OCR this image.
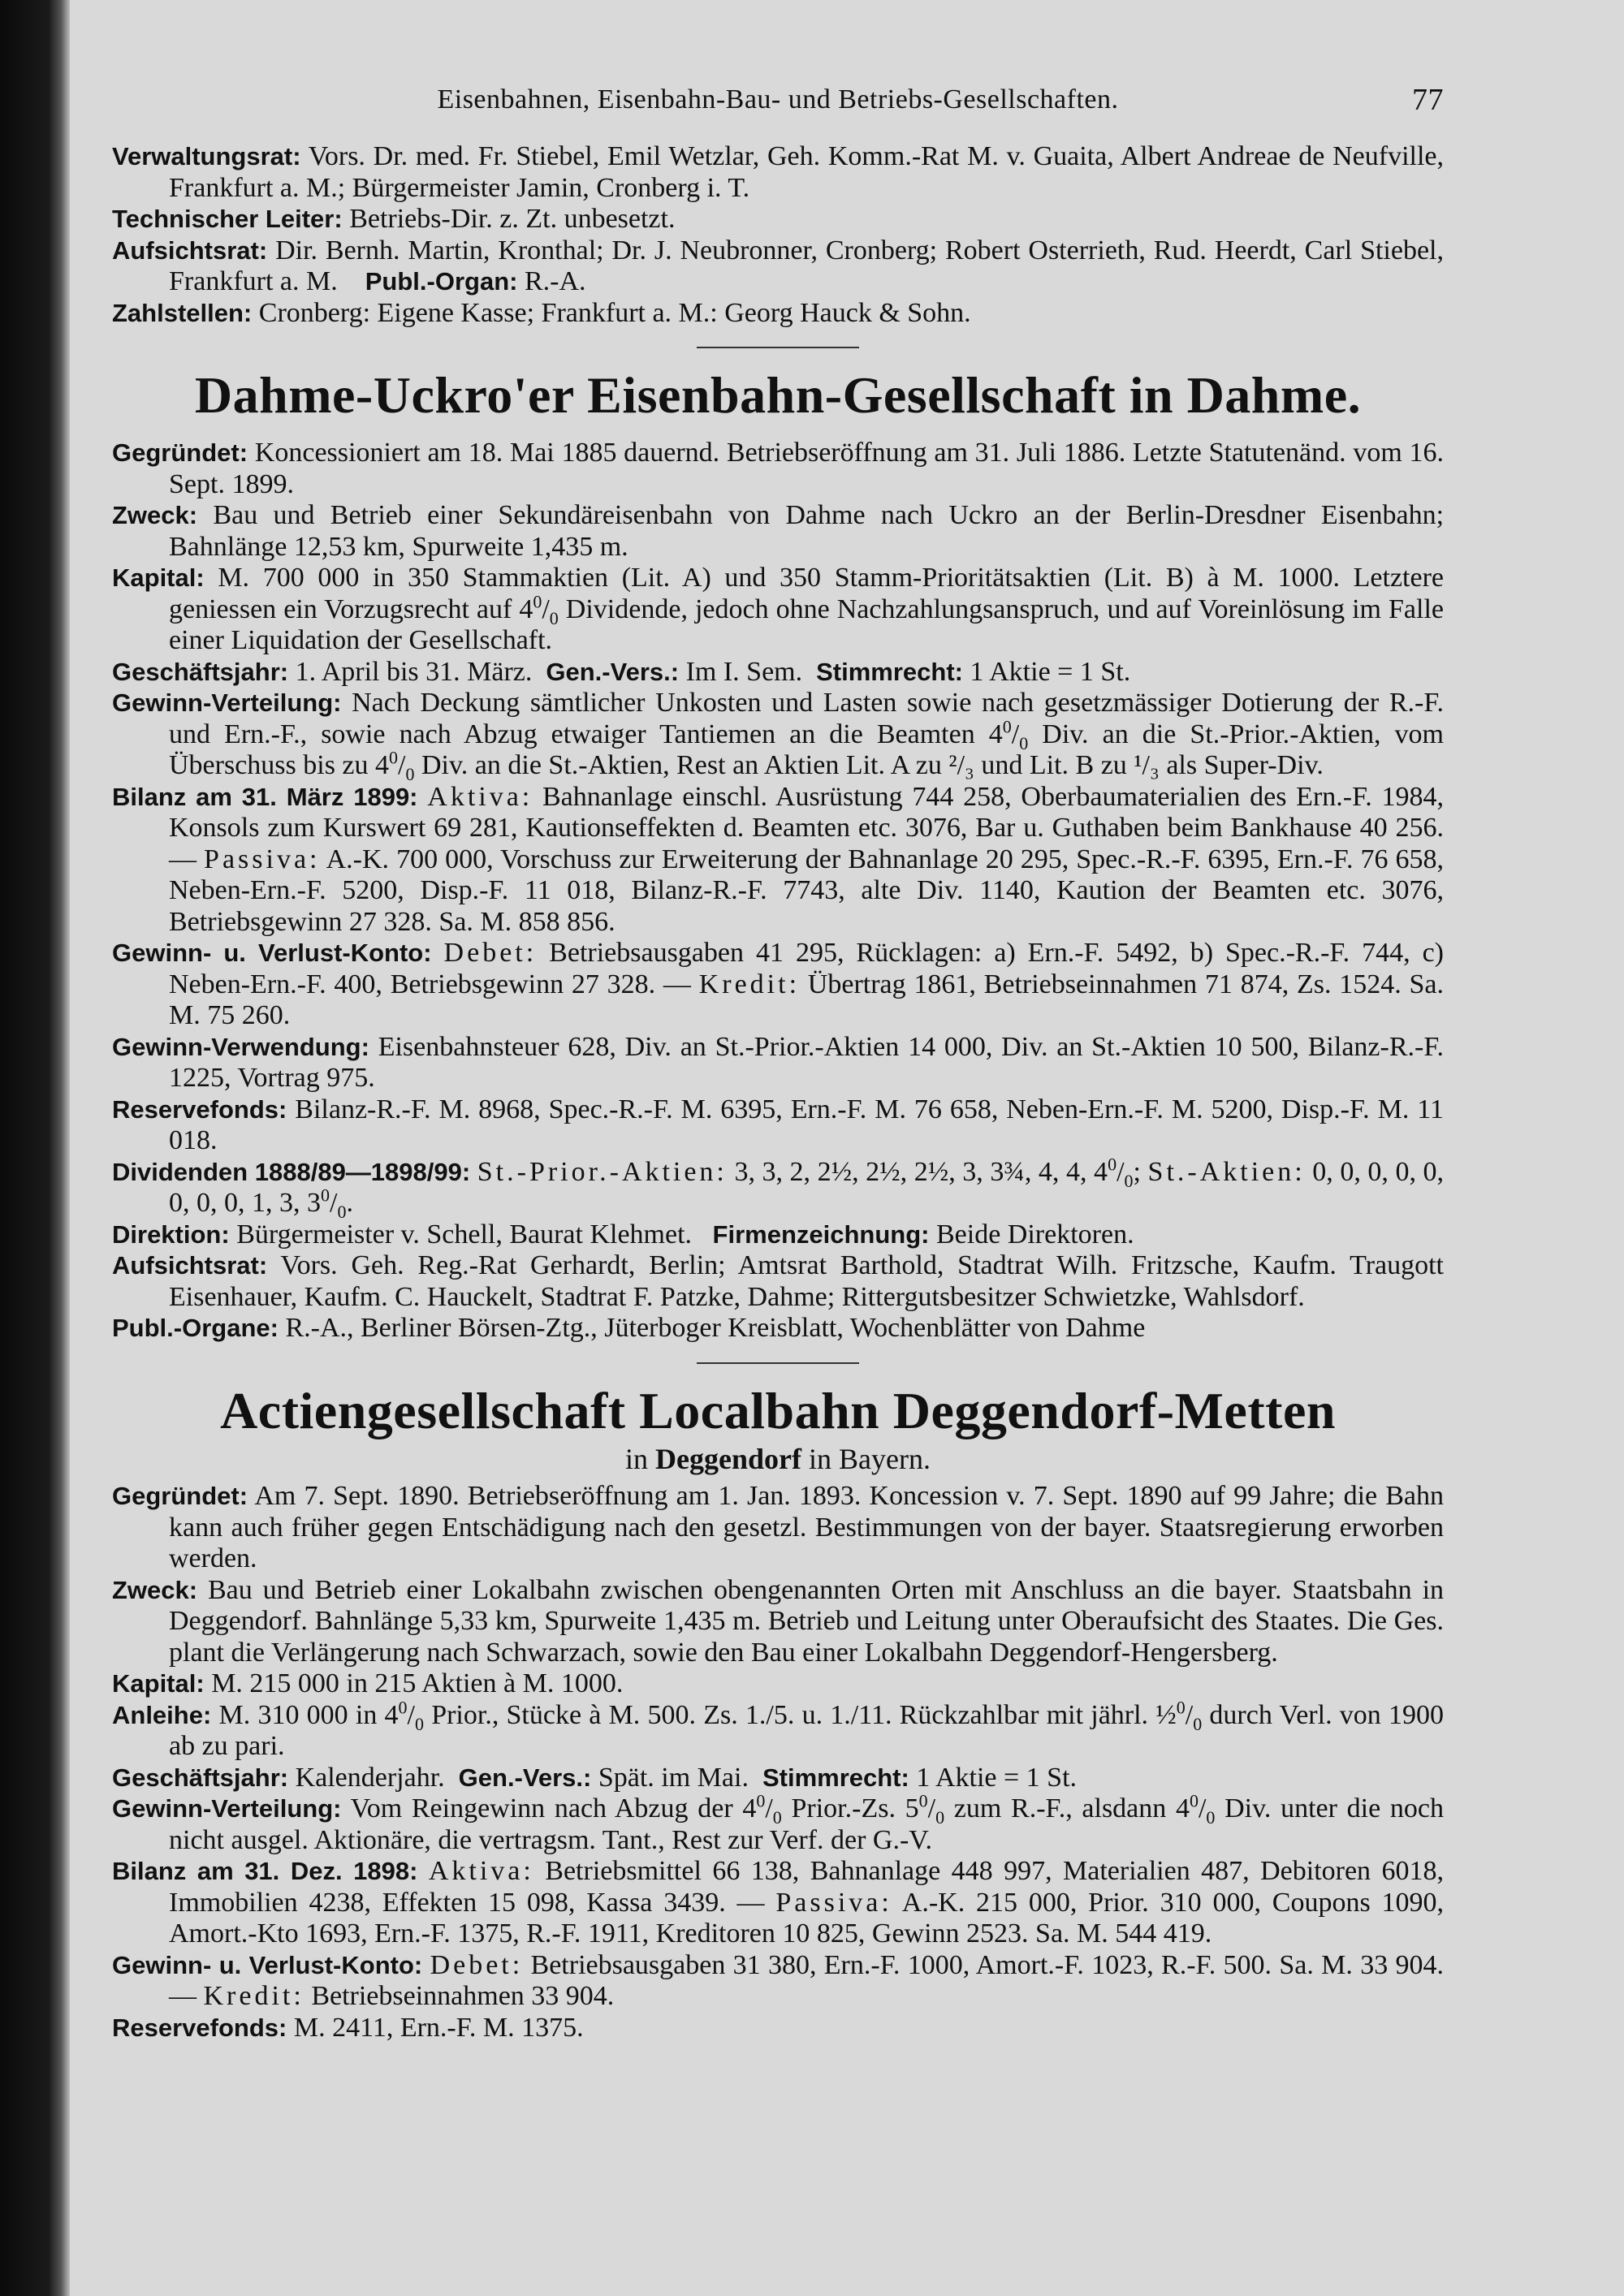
Eisenbahnen, Eisenbahn-Bau- und Betriebs-Gesellschaften.	77

Verwaltungsrat: Vors. Dr. med. Fr. Stiebel, Emil Wetzlar, Geh. Komm.-Rat M. v. Guaita, Albert Andreae de Neufville, Frankfurt a. M.; Bürgermeister Jamin, Cronberg i. T.

Technischer Leiter: Betriebs-Dir. z. Zt. unbesetzt.

Aufsichtsrat: Dir. Bernh. Martin, Kronthal; Dr. J. Neubronner, Cronberg; Robert Osterrieth, Rud. Heerdt, Carl Stiebel, Frankfurt a. M. Publ.-Organ: R.-A.

Zahlstellen: Cronberg: Eigene Kasse; Frankfurt a. M.: Georg Hauck & Sohn.

Dahme-Uckro'er Eisenbahn-Gesellschaft in Dahme.

Gegründet: Koncessioniert am 18. Mai 1885 dauernd. Betriebseröffnung am 31. Juli 1886. Letzte Statutenänd. vom 16. Sept. 1899.

Zweck: Bau und Betrieb einer Sekundäreisenbahn von Dahme nach Uckro an der Berlin-Dresdner Eisenbahn; Bahnlänge 12,53 km, Spurweite 1,435 m.

Kapital: M. 700 000 in 350 Stammaktien (Lit. A) und 350 Stamm-Prioritätsaktien (Lit. B) à M. 1000. Letztere geniessen ein Vorzugsrecht auf $4^0/_0$ Dividende, jedoch ohne Nachzahlungsanspruch, und auf Voreinlösung im Falle einer Liquidation der Gesellschaft.

Geschäftsjahr: 1. April bis 31. März. Gen.-Vers.: Im I. Sem. Stimmrecht: 1 Aktie = 1 St.

Gewinn-Verteilung: Nach Deckung sämtlicher Unkosten und Lasten sowie nach gesetzmässiger Dotierung der R.-F. und Ern.-F., sowie nach Abzug etwaiger Tantiemen an die Beamten $4^0/_0$ Div. an die St.-Prior.-Aktien, vom Überschuss bis zu $4^0/_0$ Div. an die St.-Aktien, Rest an Aktien Lit. A zu ²/₃ und Lit. B zu ¹/₃ als Super-Div.

Bilanz am 31. März 1899: Aktiva: Bahnanlage einschl. Ausrüstung 744 258, Oberbaumaterialien des Ern.-F. 1984, Konsols zum Kurswert 69 281, Kautionseffekten d. Beamten etc. 3076, Bar u. Guthaben beim Bankhause 40 256. — Passiva: A.-K. 700 000, Vorschuss zur Erweiterung der Bahnanlage 20 295, Spec.-R.-F. 6395, Ern.-F. 76 658, Neben-Ern.-F. 5200, Disp.-F. 11 018, Bilanz-R.-F. 7743, alte Div. 1140, Kaution der Beamten etc. 3076, Betriebsgewinn 27 328. Sa. M. 858 856.

Gewinn- u. Verlust-Konto: Debet: Betriebsausgaben 41 295, Rücklagen: a) Ern.-F. 5492, b) Spec.-R.-F. 744, c) Neben-Ern.-F. 400, Betriebsgewinn 27 328. — Kredit: Übertrag 1861, Betriebseinnahmen 71 874, Zs. 1524. Sa. M. 75 260.

Gewinn-Verwendung: Eisenbahnsteuer 628, Div. an St.-Prior.-Aktien 14 000, Div. an St.-Aktien 10 500, Bilanz-R.-F. 1225, Vortrag 975.

Reservefonds: Bilanz-R.-F. M. 8968, Spec.-R.-F. M. 6395, Ern.-F. M. 76 658, Neben-Ern.-F. M. 5200, Disp.-F. M. 11 018.

Dividenden 1888/89—1898/99: St.-Prior.-Aktien: 3, 3, 2, 2½, 2½, 2½, 3, 3¾, 4, 4, $4^0/_0$; St.-Aktien: 0, 0, 0, 0, 0, 0, 0, 0, 1, 3, $3^0/_0$.

Direktion: Bürgermeister v. Schell, Baurat Klehmet. Firmenzeichnung: Beide Direktoren.

Aufsichtsrat: Vors. Geh. Reg.-Rat Gerhardt, Berlin; Amtsrat Barthold, Stadtrat Wilh. Fritzsche, Kaufm. Traugott Eisenhauer, Kaufm. C. Hauckelt, Stadtrat F. Patzke, Dahme; Rittergutsbesitzer Schwietzke, Wahlsdorf.

Publ.-Organe: R.-A., Berliner Börsen-Ztg., Jüterboger Kreisblatt, Wochenblätter von Dahme

Actiengesellschaft Localbahn Deggendorf-Metten
in Deggendorf in Bayern.

Gegründet: Am 7. Sept. 1890. Betriebseröffnung am 1. Jan. 1893. Koncession v. 7. Sept. 1890 auf 99 Jahre; die Bahn kann auch früher gegen Entschädigung nach den gesetzl. Bestimmungen von der bayer. Staatsregierung erworben werden.

Zweck: Bau und Betrieb einer Lokalbahn zwischen obengenannten Orten mit Anschluss an die bayer. Staatsbahn in Deggendorf. Bahnlänge 5,33 km, Spurweite 1,435 m. Betrieb und Leitung unter Oberaufsicht des Staates. Die Ges. plant die Verlängerung nach Schwarzach, sowie den Bau einer Lokalbahn Deggendorf-Hengersberg.

Kapital: M. 215 000 in 215 Aktien à M. 1000.

Anleihe: M. 310 000 in $4^0/_0$ Prior., Stücke à M. 500. Zs. 1./5. u. 1./11. Rückzahlbar mit jährl. $\frac{1}{2}^0/_0$ durch Verl. von 1900 ab zu pari.

Geschäftsjahr: Kalenderjahr. Gen.-Vers.: Spät. im Mai. Stimmrecht: 1 Aktie = 1 St.

Gewinn-Verteilung: Vom Reingewinn nach Abzug der $4^0/_0$ Prior.-Zs. $5^0/_0$ zum R.-F., alsdann $4^0/_0$ Div. unter die noch nicht ausgel. Aktionäre, die vertragsm. Tant., Rest zur Verf. der G.-V.

Bilanz am 31. Dez. 1898: Aktiva: Betriebsmittel 66 138, Bahnanlage 448 997, Materialien 487, Debitoren 6018, Immobilien 4238, Effekten 15 098, Kassa 3439. — Passiva: A.-K. 215 000, Prior. 310 000, Coupons 1090, Amort.-Kto 1693, Ern.-F. 1375, R.-F. 1911, Kreditoren 10 825, Gewinn 2523. Sa. M. 544 419.

Gewinn- u. Verlust-Konto: Debet: Betriebsausgaben 31 380, Ern.-F. 1000, Amort.-F. 1023, R.-F. 500. Sa. M. 33 904. — Kredit: Betriebseinnahmen 33 904.

Reservefonds: M. 2411, Ern.-F. M. 1375.
